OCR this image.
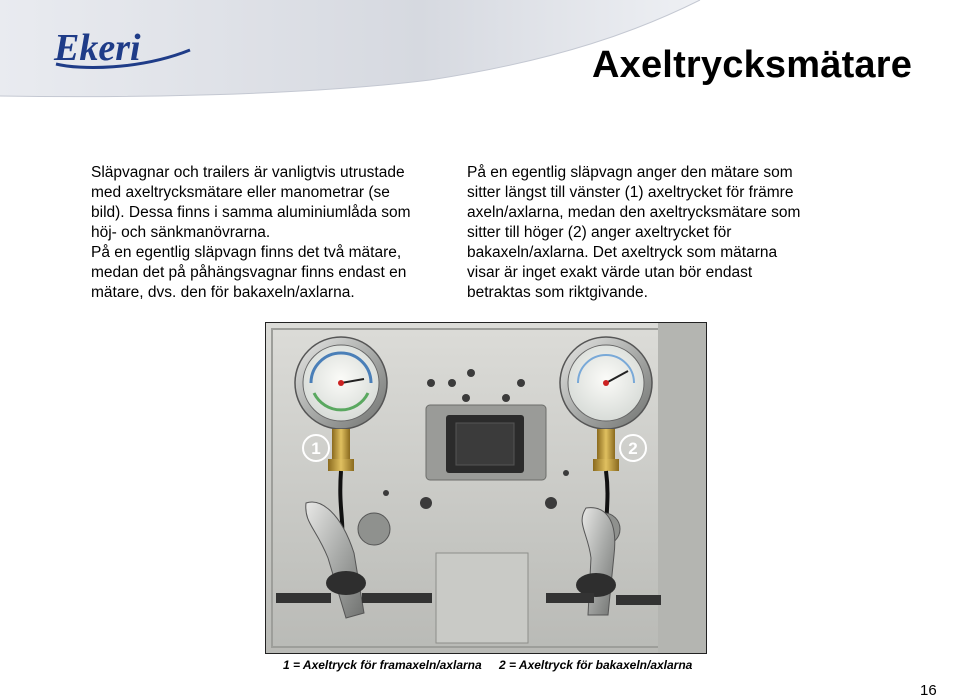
Ekeri	Axeltrycksmätare

Släpvagnar och trailers är vanligtvis utrustade

med axeltrycksmätare eller manometrar (se

bild). Dessa finns i samma aluminiumlåda som

höj- och sänkmanövrarna.

På en egentlig släpvagn finns det två mätare,

medan det på påhängsvagnar finns endast en

mätare, dvs. den för bakaxeln/axlarna.

På en egentlig släpvagn anger den mätare som

sitter längst till vänster (1) axeltrycket för främre

axeln/axlarna, medan den axeltrycksmätare som

sitter till höger (2) anger axeltrycket för

bakaxeln/axlarna. Det axeltryck som mätarna

visar är inget exakt värde utan bör endast

betraktas som riktgivande.

1	2
1 = Axeltryck för framaxeln/axlarna 2 = Axeltryck för bakaxeln/axlarna
16
